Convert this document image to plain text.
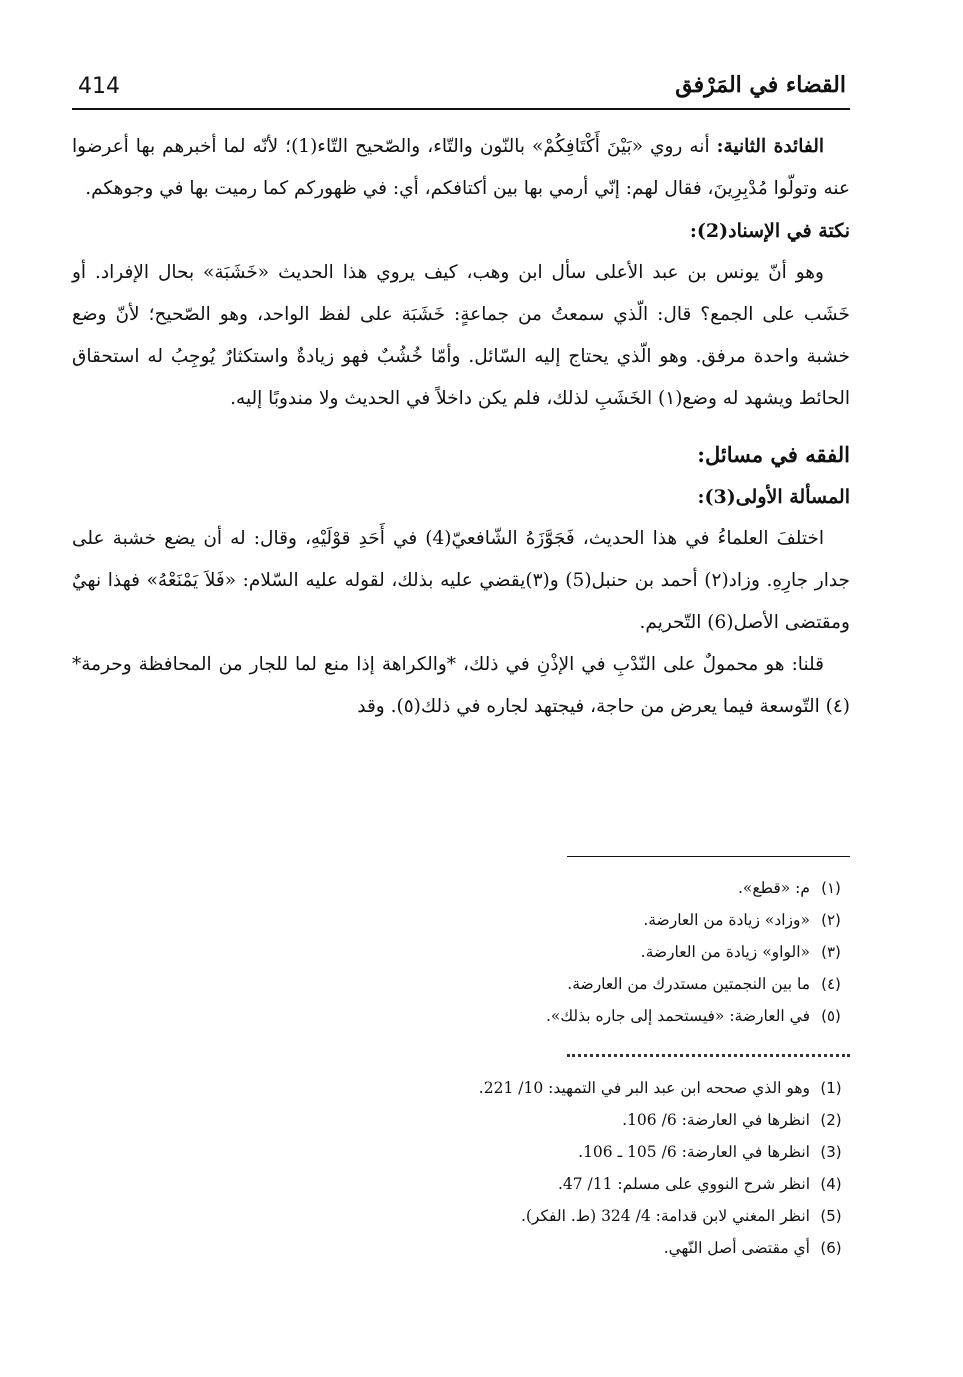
414	القضاء في المَرْفق

الفائدة الثانية: أنه روي «بَيْنَ أَكْتَافِكُمْ» بالنّون والتّاء، والصّحيح التّاء(1)؛ لأنّه لما أخبرهم بها أعرضوا عنه وتولّوا مُدْبِرِينَ، فقال لهم: إنّي أرمي بها بين أكتافكم، أي: في ظهوركم كما رميت بها في وجوهكم.

نكتة في الإسناد(2):

وهو أنّ يونس بن عبد الأعلى سأل ابن وهب، كيف يروي هذا الحديث «خَشَبَة» بحال الإفراد. أو خَشَب على الجمع؟ قال: الّذي سمعتُ من جماعةٍ: خَشَبَة على لفظ الواحد، وهو الصّحيح؛ لأنّ وضع خشبة واحدة مرفق. وهو الّذي يحتاج إليه السّائل. وأمّا خُشُبٌ فهو زيادةٌ واستكثارٌ يُوجِبُ له استحقاق الحائط ويشهد له وضع(١) الخَشَبِ لذلك، فلم يكن داخلاً في الحديث ولا مندوبًا إليه.

الفقه في مسائل:

المسألة الأولى(3):

اختلفَ العلماءُ في هذا الحديث، فَجَوَّزَهُ الشّافعيّ(4) في أَحَدِ قوْلَيْهِ، وقال: له أن يضع خشبة على جدار جارِهِ. وزاد(٢) أحمد بن حنبل(5) و(٣)يقضي عليه بذلك، لقوله عليه السّلام: «فَلاَ يَمْنَعْهُ» فهذا نهيٌ ومقتضى الأصل(6) التّحريم.

قلنا: هو محمولٌ على النّدْبِ في الإذْنِ في ذلك، *والكراهة إذا منع لما للجار من المحافظة وحرمة*(٤) التّوسعة فيما يعرض من حاجة، فيجتهد لجاره في ذلك(٥). وقد

(١)م: «قطع».
(٢)«وزاد» زيادة من العارضة.
(٣)«الواو» زيادة من العارضة.
(٤)ما بين النجمتين مستدرك من العارضة.
(٥)في العارضة: «فيستحمد إلى جاره بذلك».
(1)وهو الذي صححه ابن عبد البر في التمهيد: 10/ 221.
(2)انظرها في العارضة: 6/ 106.
(3)انظرها في العارضة: 6/ 105 ـ 106.
(4)انظر شرح النووي على مسلم: 11/ 47.
(5)انظر المغني لابن قدامة: 4/ 324 (ط. الفكر).
(6)أي مقتضى أصل النّهي.
